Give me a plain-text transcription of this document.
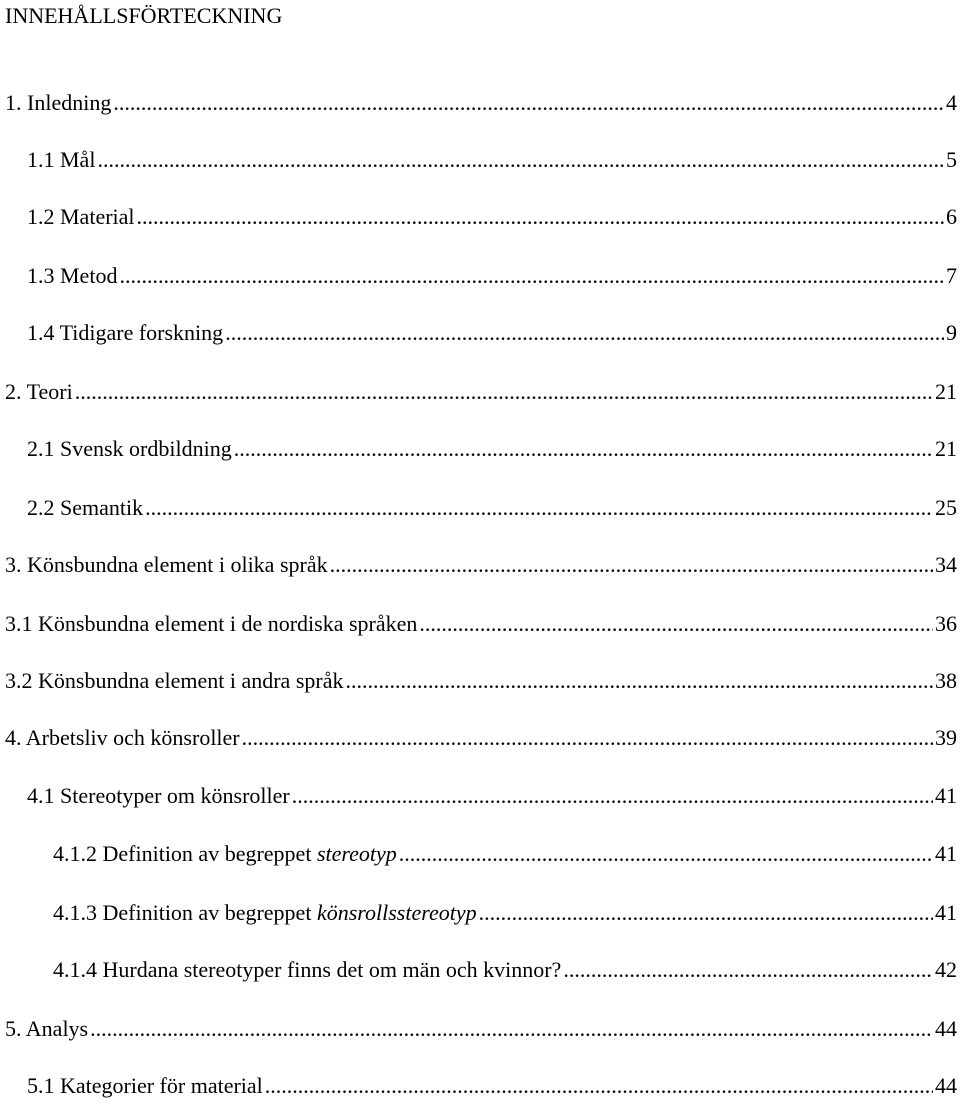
INNEHÅLLSFÖRTECKNING
1. Inledning .....	4
1.1 Mål .....	5
1.2 Material .....	6
1.3 Metod .....	7
1.4 Tidigare forskning .....	9
2. Teori .....	21
2.1 Svensk ordbildning .....	21
2.2 Semantik .....	25
3. Könsbundna element i olika språk .....	34
3.1 Könsbundna element i de nordiska språken .....	36
3.2 Könsbundna element i andra språk .....	38
4. Arbetsliv och könsroller .....	39
4.1 Stereotyper om könsroller .....	41
4.1.2 Definition av begreppet stereotyp .....	41
4.1.3 Definition av begreppet könsrollsstereotyp .....	41
4.1.4 Hurdana stereotyper finns det om män och kvinnor? .....	42
5. Analys .....	44
5.1 Kategorier för material .....	44
